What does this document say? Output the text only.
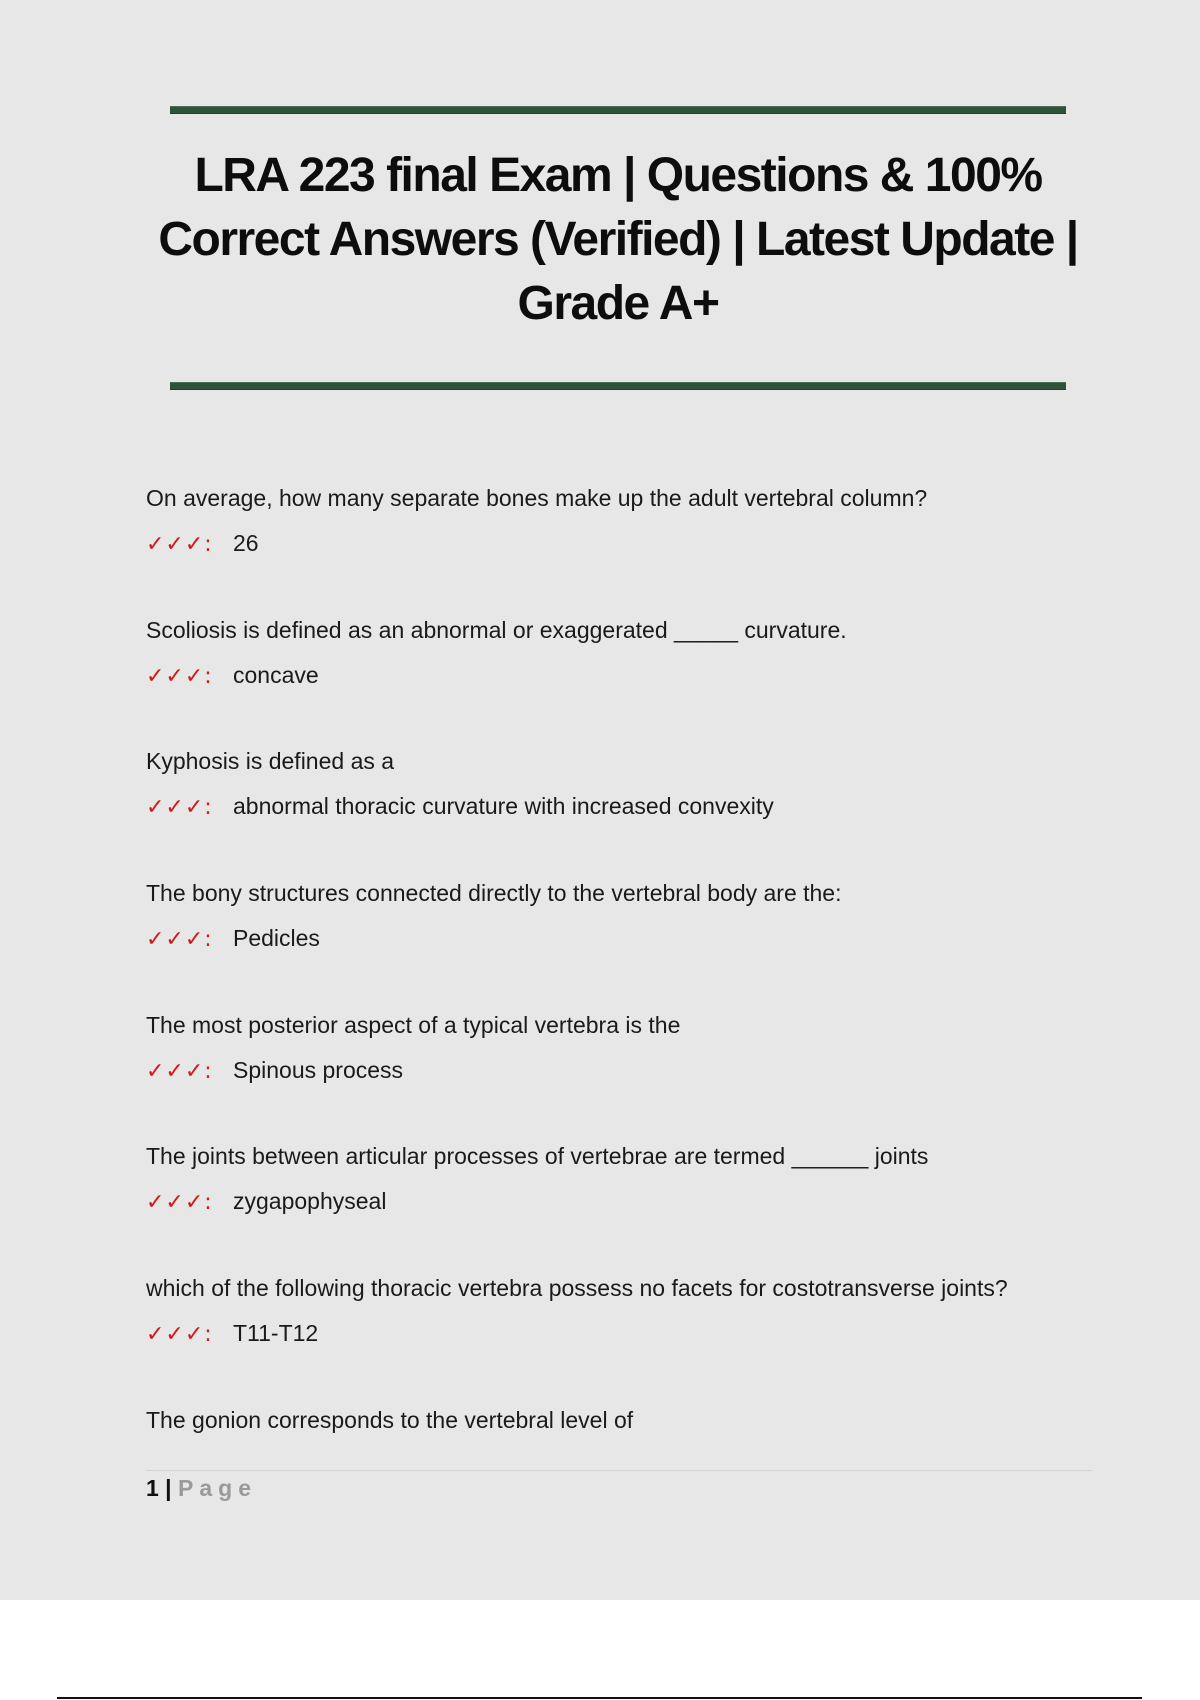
LRA 223 final Exam | Questions & 100% Correct Answers (Verified) | Latest Update | Grade A+
On average, how many separate bones make up the adult vertebral column?
✓✓✓: 26
Scoliosis is defined as an abnormal or exaggerated _____ curvature.
✓✓✓: concave
Kyphosis is defined as a
✓✓✓: abnormal thoracic curvature with increased convexity
The bony structures connected directly to the vertebral body are the:
✓✓✓: Pedicles
The most posterior aspect of a typical vertebra is the
✓✓✓: Spinous process
The joints between articular processes of vertebrae are termed ______ joints
✓✓✓: zygapophyseal
which of the following thoracic vertebra possess no facets for costotransverse joints?
✓✓✓: T11-T12
The gonion corresponds to the vertebral level of
1 | Page
